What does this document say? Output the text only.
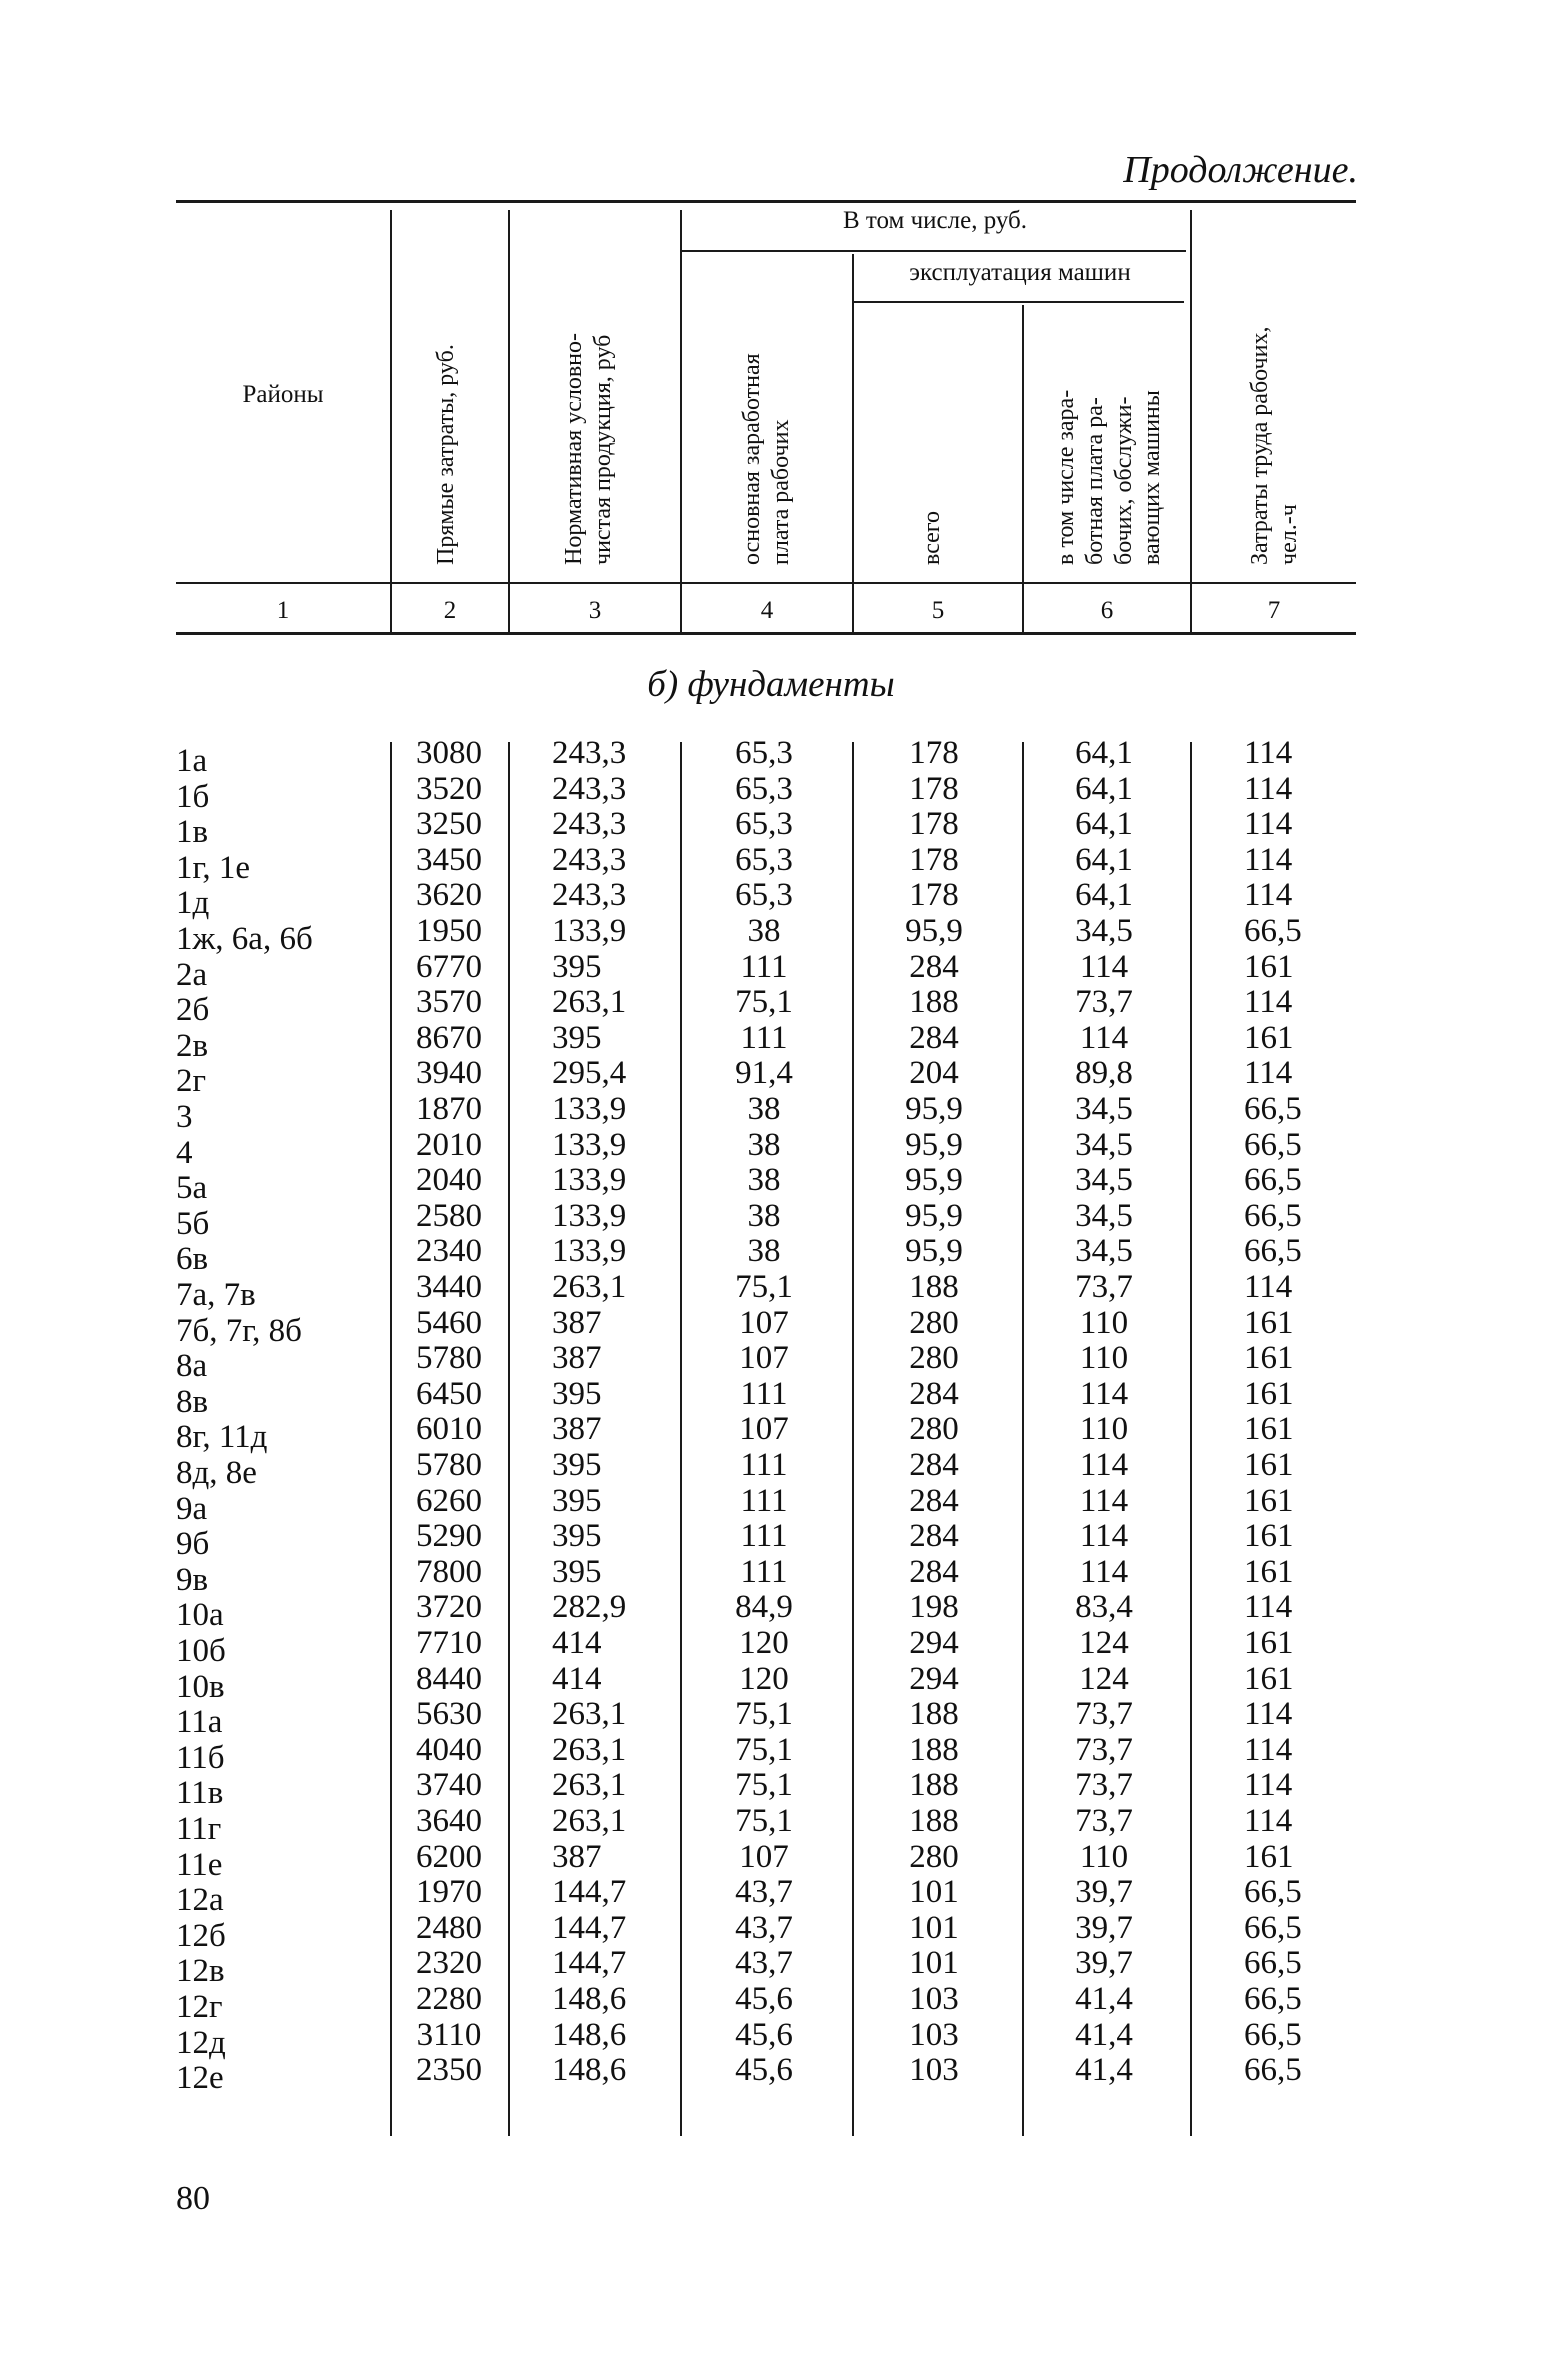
Продолжение.
Районы	Прямые затраты, руб.	Нормативная условно- чистая продукция, руб
В том числе, руб.
основная заработная плата рабочих
эксплуатация машин
всего	в том числе зара- ботная плата ра- бочих, обслужи- вающих машины	Затраты труда рабочих, чел.-ч
1	2	3	4	5	6	7
б) фундаменты
1а	3080	243,3	65,3	178	64,1	114
1б	3520	243,3	65,3	178	64,1	114
1в	3250	243,3	65,3	178	64,1	114
1г, 1е	3450	243,3	65,3	178	64,1	114
1д	3620	243,3	65,3	178	64,1	114
1ж, 6а, 6б	1950	133,9	38	95,9	34,5	66,5
2а	6770	395	111	284	114	161
2б	3570	263,1	75,1	188	73,7	114
2в	8670	395	111	284	114	161
2г	3940	295,4	91,4	204	89,8	114
3	1870	133,9	38	95,9	34,5	66,5
4	2010	133,9	38	95,9	34,5	66,5
5а	2040	133,9	38	95,9	34,5	66,5
5б	2580	133,9	38	95,9	34,5	66,5
6в	2340	133,9	38	95,9	34,5	66,5
7а, 7в	3440	263,1	75,1	188	73,7	114
7б, 7г, 8б	5460	387	107	280	110	161
8а	5780	387	107	280	110	161
8в	6450	395	111	284	114	161
8г, 11д	6010	387	107	280	110	161
8д, 8е	5780	395	111	284	114	161
9а	6260	395	111	284	114	161
9б	5290	395	111	284	114	161
9в	7800	395	111	284	114	161
10а	3720	282,9	84,9	198	83,4	114
10б	7710	414	120	294	124	161
10в	8440	414	120	294	124	161
11а	5630	263,1	75,1	188	73,7	114
11б	4040	263,1	75,1	188	73,7	114
11в	3740	263,1	75,1	188	73,7	114
11г	3640	263,1	75,1	188	73,7	114
11е	6200	387	107	280	110	161
12а	1970	144,7	43,7	101	39,7	66,5
12б	2480	144,7	43,7	101	39,7	66,5
12в	2320	144,7	43,7	101	39,7	66,5
12г	2280	148,6	45,6	103	41,4	66,5
12д	3110	148,6	45,6	103	41,4	66,5
12е	2350	148,6	45,6	103	41,4	66,5
80
